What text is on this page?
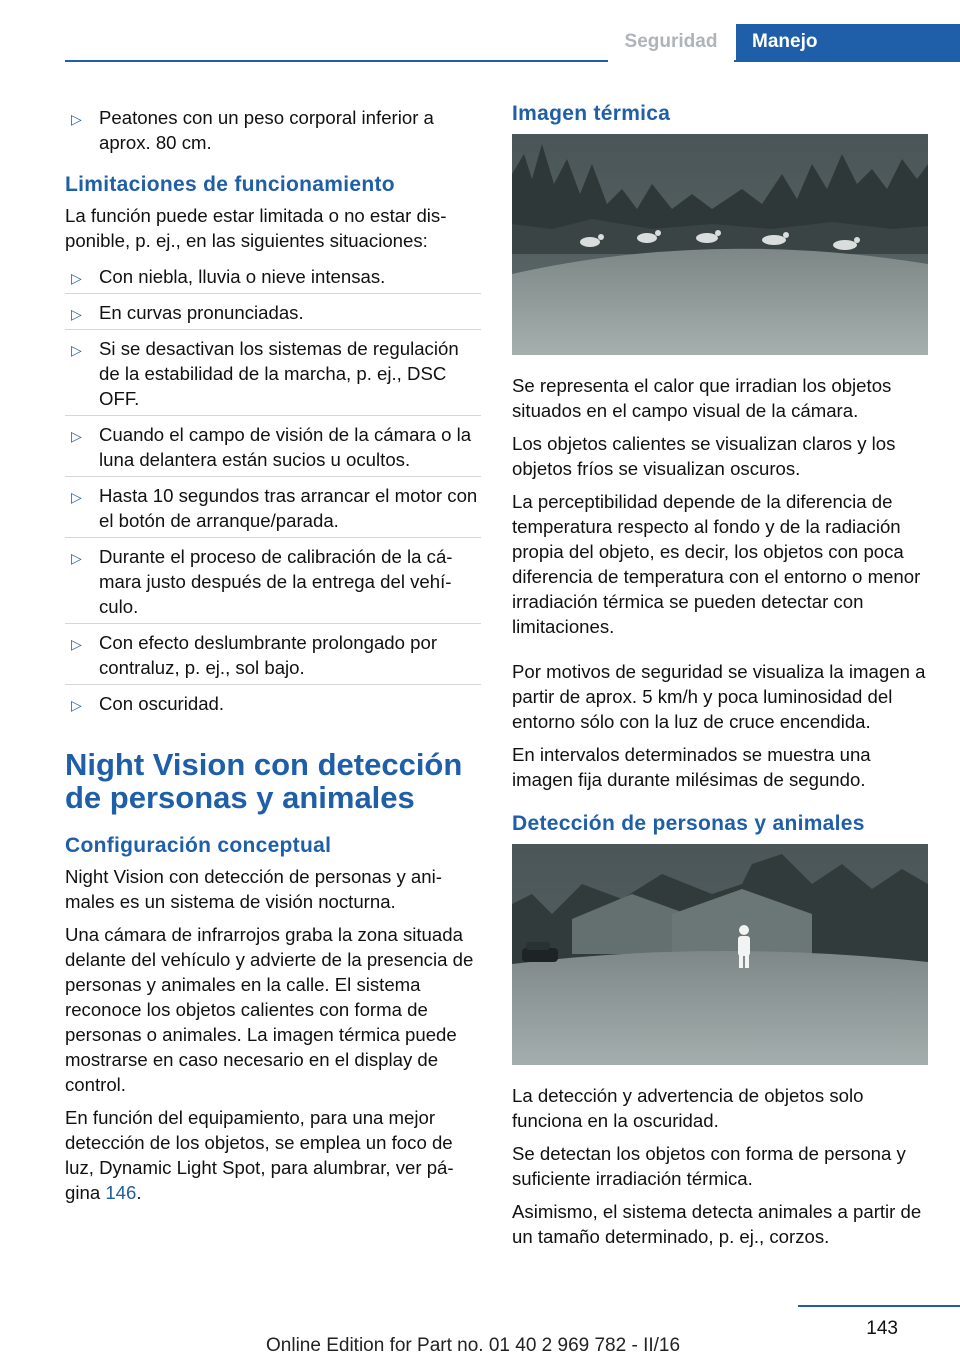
Seguridad	Manejo
▷ Peatones con un peso corporal inferior a aprox. 80 cm.
Limitaciones de funcionamiento

La función puede estar limitada o no estar disponible, p. ej., en las siguientes situaciones:

▷ Con niebla, lluvia o nieve intensas.
▷ En curvas pronunciadas.
▷ Si se desactivan los sistemas de regulación de la estabilidad de la marcha, p. ej., DSC OFF.
▷ Cuando el campo de visión de la cámara o la luna delantera están sucios u ocultos.
▷ Hasta 10 segundos tras arrancar el motor con el botón de arranque/parada.
▷ Durante el proceso de calibración de la cámara justo después de la entrega del vehículo.
▷ Con efecto deslumbrante prolongado por contraluz, p. ej., sol bajo.
▷ Con oscuridad.
Night Vision con detección de personas y animales
Configuración conceptual

Night Vision con detección de personas y animales es un sistema de visión nocturna.

Una cámara de infrarrojos graba la zona situada delante del vehículo y advierte de la presencia de personas y animales en la calle. El sistema reconoce los objetos calientes con forma de personas o animales. La imagen térmica puede mostrarse en caso necesario en el display de control.

En función del equipamiento, para una mejor detección de los objetos, se emplea un foco de luz, Dynamic Light Spot, para alumbrar, ver página 146.

Imagen térmica

Se representa el calor que irradian los objetos situados en el campo visual de la cámara.

Los objetos calientes se visualizan claros y los objetos fríos se visualizan oscuros.

La perceptibilidad depende de la diferencia de temperatura respecto al fondo y de la radiación propia del objeto, es decir, los objetos con poca diferencia de temperatura con el entorno o menor irradiación térmica se pueden detectar con limitaciones.

Por motivos de seguridad se visualiza la imagen a partir de aprox. 5 km/h y poca luminosidad del entorno sólo con la luz de cruce encendida.

En intervalos determinados se muestra una imagen fija durante milésimas de segundo.

Detección de personas y animales

La detección y advertencia de objetos solo funciona en la oscuridad.

Se detectan los objetos con forma de persona y suficiente irradiación térmica.

Asimismo, el sistema detecta animales a partir de un tamaño determinado, p. ej., corzos.

143
Online Edition for Part no. 01 40 2 969 782 - II/16
